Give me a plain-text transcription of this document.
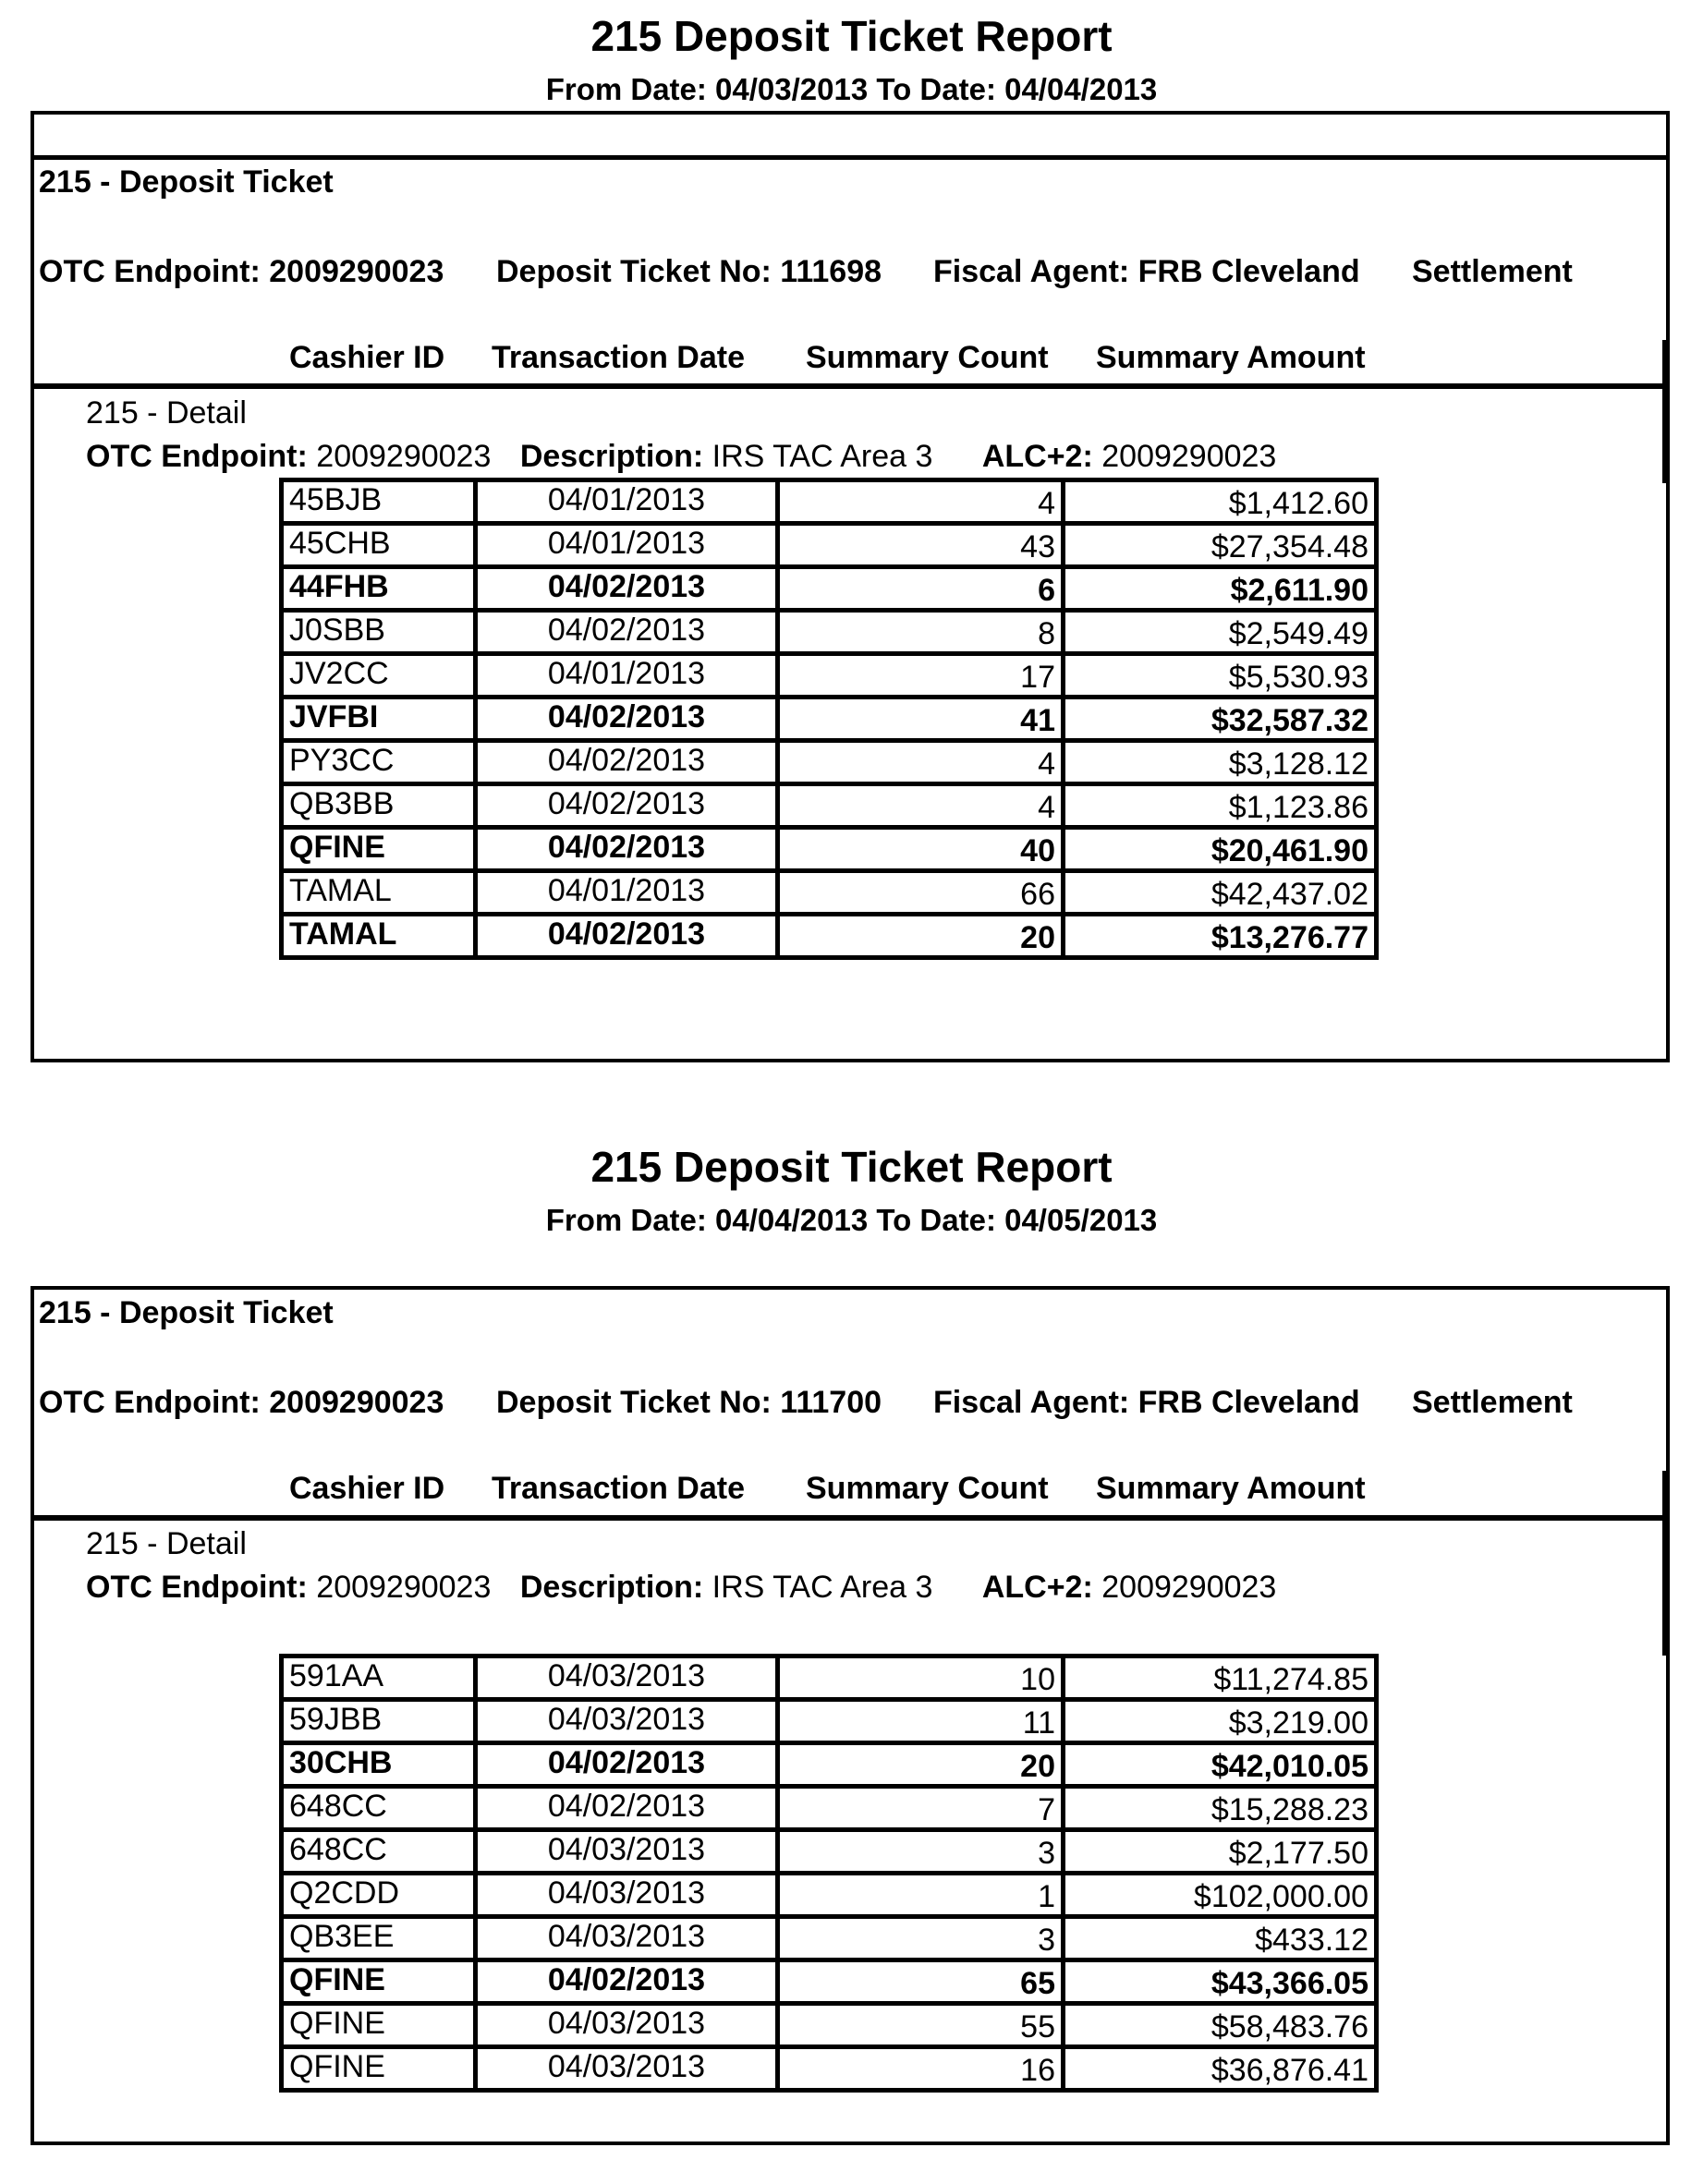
215 Deposit Ticket Report
From Date: 04/03/2013 To Date: 04/04/2013
215 - Deposit Ticket
OTC Endpoint: 2009290023 Deposit Ticket No: 111698 Fiscal Agent: FRB Cleveland Settlement
Cashier ID Transaction Date Summary Count Summary Amount
215 - Detail
OTC Endpoint: 2009290023 Description: IRS TAC Area 3 ALC+2: 2009290023
45BJB	04/01/2013	4	$1,412.60
45CHB	04/01/2013	43	$27,354.48
44FHB	04/02/2013	6	$2,611.90
J0SBB	04/02/2013	8	$2,549.49
JV2CC	04/01/2013	17	$5,530.93
JVFBI	04/02/2013	41	$32,587.32
PY3CC	04/02/2013	4	$3,128.12
QB3BB	04/02/2013	4	$1,123.86
QFINE	04/02/2013	40	$20,461.90
TAMAL	04/01/2013	66	$42,437.02
TAMAL	04/02/2013	20	$13,276.77
215 Deposit Ticket Report
From Date: 04/04/2013 To Date: 04/05/2013
215 - Deposit Ticket
OTC Endpoint: 2009290023 Deposit Ticket No: 111700 Fiscal Agent: FRB Cleveland Settlement
Cashier ID Transaction Date Summary Count Summary Amount
215 - Detail
OTC Endpoint: 2009290023 Description: IRS TAC Area 3 ALC+2: 2009290023
591AA	04/03/2013	10	$11,274.85
59JBB	04/03/2013	11	$3,219.00
30CHB	04/02/2013	20	$42,010.05
648CC	04/02/2013	7	$15,288.23
648CC	04/03/2013	3	$2,177.50
Q2CDD	04/03/2013	1	$102,000.00
QB3EE	04/03/2013	3	$433.12
QFINE	04/02/2013	65	$43,366.05
QFINE	04/03/2013	55	$58,483.76
QFINE	04/03/2013	16	$36,876.41
